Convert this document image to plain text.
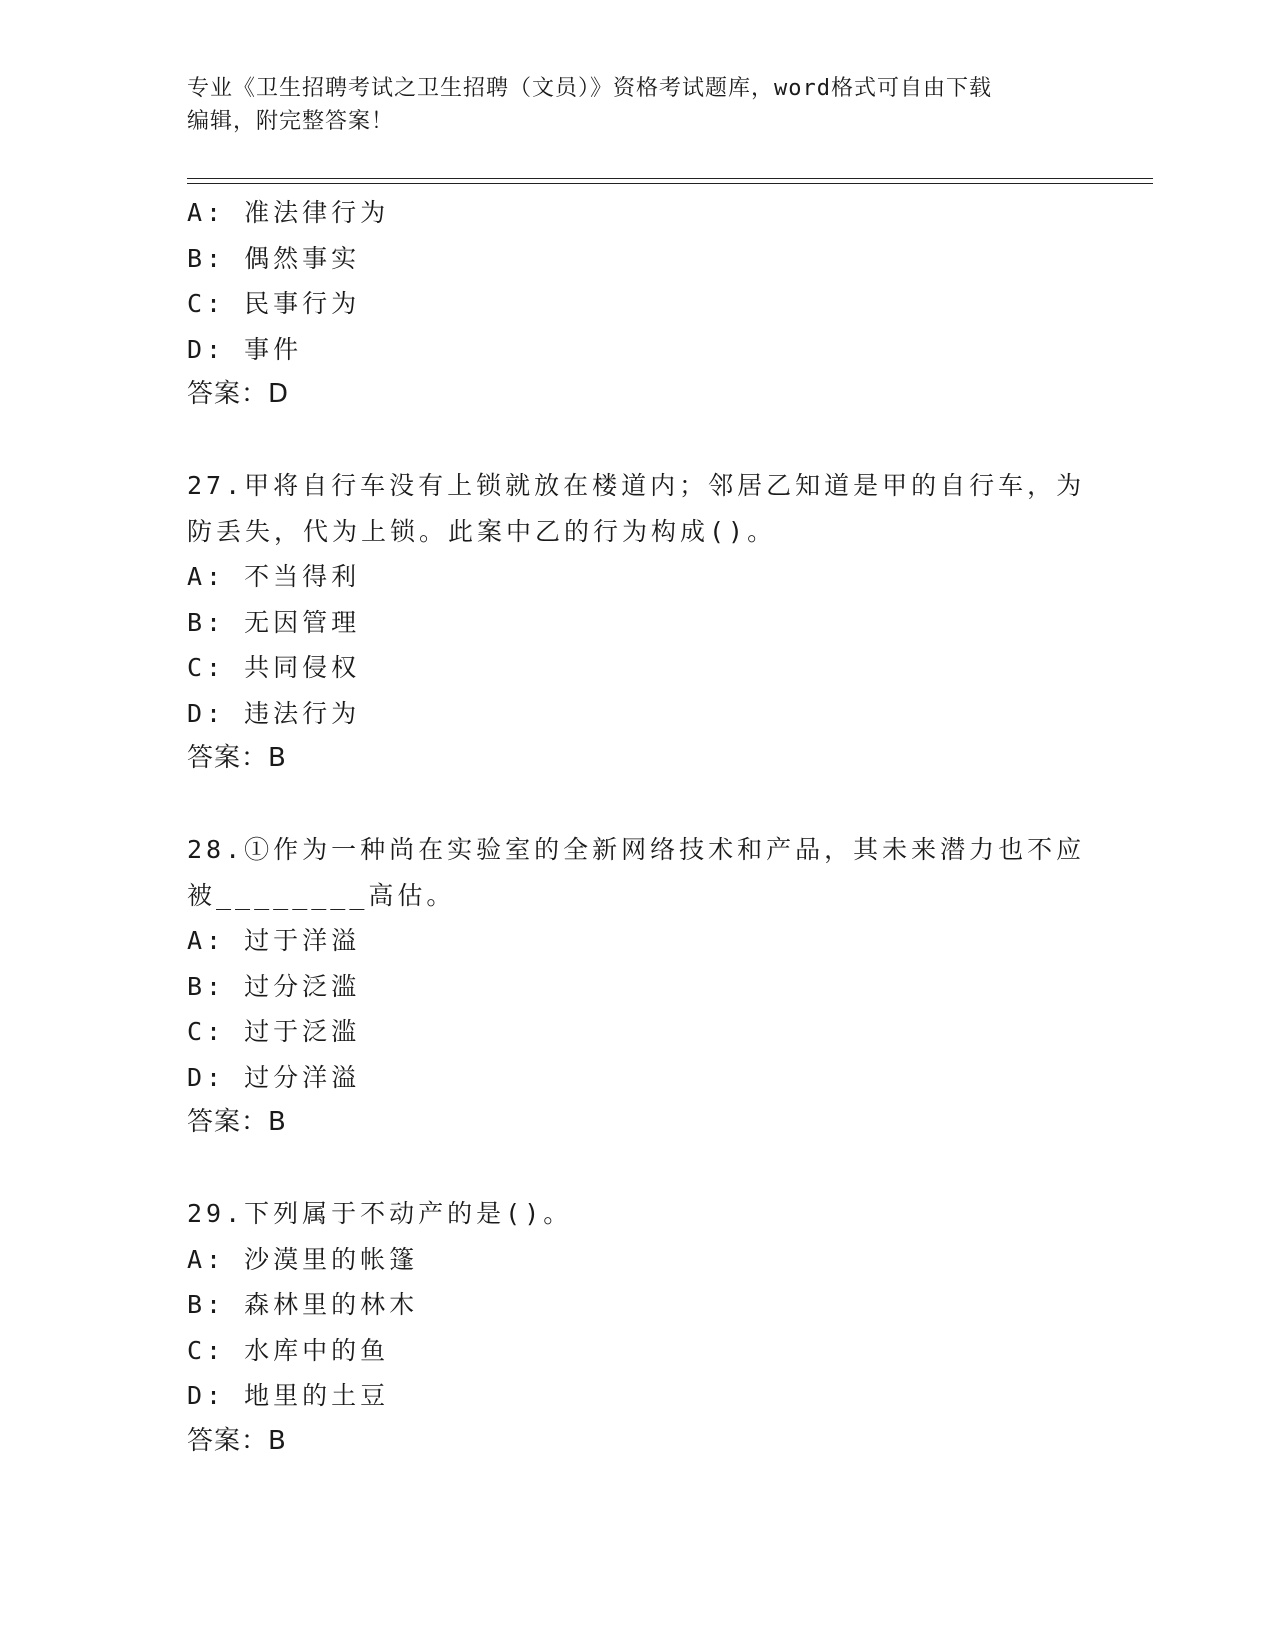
专业《卫生招聘考试之卫生招聘（文员）》资格考试题库，word格式可自由下载
编辑，附完整答案！
A: 准法律行为
B: 偶然事实
C: 民事行为
D: 事件
答案：D
27.甲将自行车没有上锁就放在楼道内；邻居乙知道是甲的自行车，为
防丢失，代为上锁。此案中乙的行为构成()。
A: 不当得利
B: 无因管理
C: 共同侵权
D: 违法行为
答案：B
28.①作为一种尚在实验室的全新网络技术和产品，其未来潜力也不应
被________高估。
A: 过于洋溢
B: 过分泛滥
C: 过于泛滥
D: 过分洋溢
答案：B
29.下列属于不动产的是()。
A: 沙漠里的帐篷
B: 森林里的林木
C: 水库中的鱼
D: 地里的土豆
答案：B
